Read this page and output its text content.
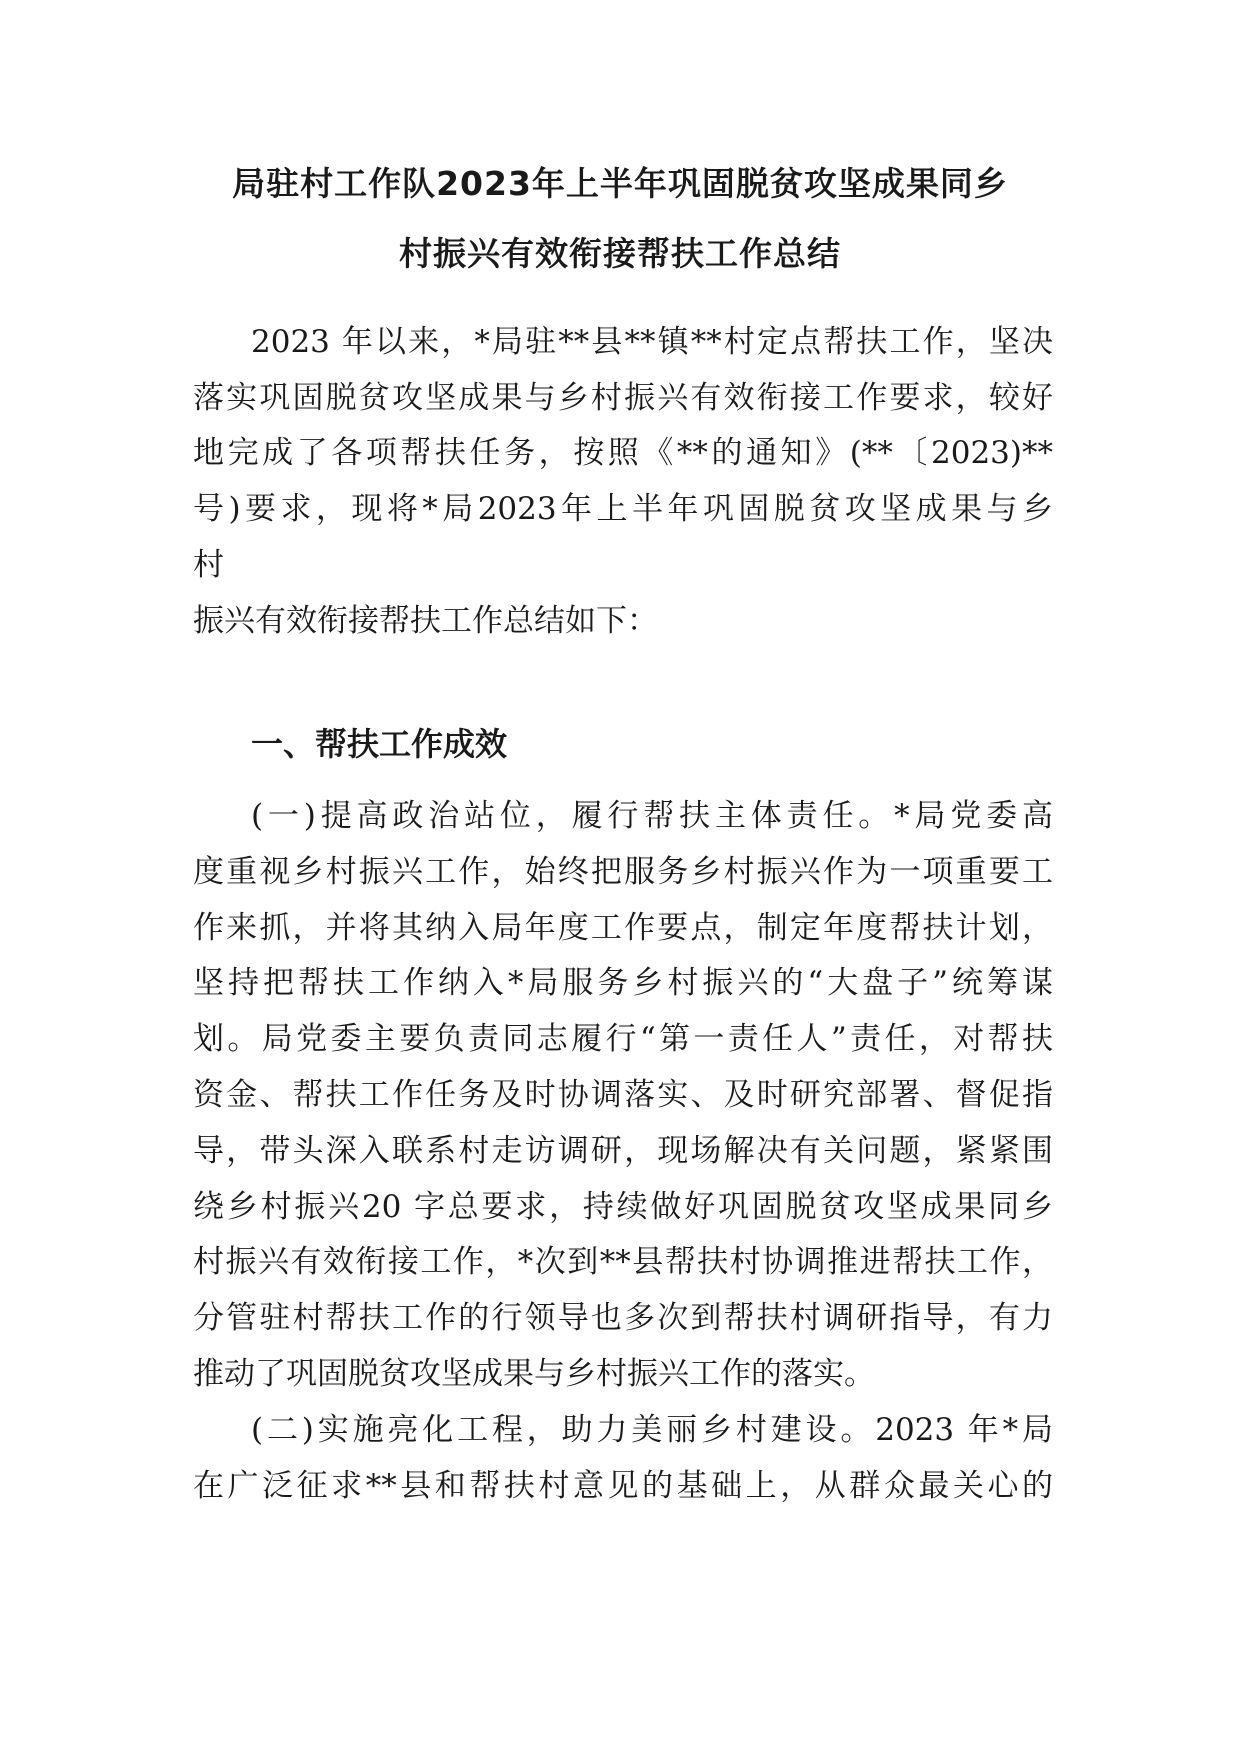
局驻村工作队2023年上半年巩固脱贫攻坚成果同乡
村振兴有效衔接帮扶工作总结
2023 年以来，*局驻**县**镇**村定点帮扶工作，坚决
落实巩固脱贫攻坚成果与乡村振兴有效衔接工作要求，较好
地完成了各项帮扶任务，按照《**的通知》(**〔2023)**
号)要求，现将*局2023年上半年巩固脱贫攻坚成果与乡
村
振兴有效衔接帮扶工作总结如下：
一、帮扶工作成效
(一)提高政治站位，履行帮扶主体责任。*局党委高
度重视乡村振兴工作，始终把服务乡村振兴作为一项重要工
作来抓，并将其纳入局年度工作要点，制定年度帮扶计划，
坚持把帮扶工作纳入*局服务乡村振兴的“大盘子”统筹谋
划。局党委主要负责同志履行“第一责任人”责任，对帮扶
资金、帮扶工作任务及时协调落实、及时研究部署、督促指
导，带头深入联系村走访调研，现场解决有关问题，紧紧围
绕乡村振兴20 字总要求，持续做好巩固脱贫攻坚成果同乡
村振兴有效衔接工作，*次到**县帮扶村协调推进帮扶工作，
分管驻村帮扶工作的行领导也多次到帮扶村调研指导，有力
推动了巩固脱贫攻坚成果与乡村振兴工作的落实。
(二)实施亮化工程，助力美丽乡村建设。2023 年*局
在广泛征求**县和帮扶村意见的基础上，从群众最关心的
